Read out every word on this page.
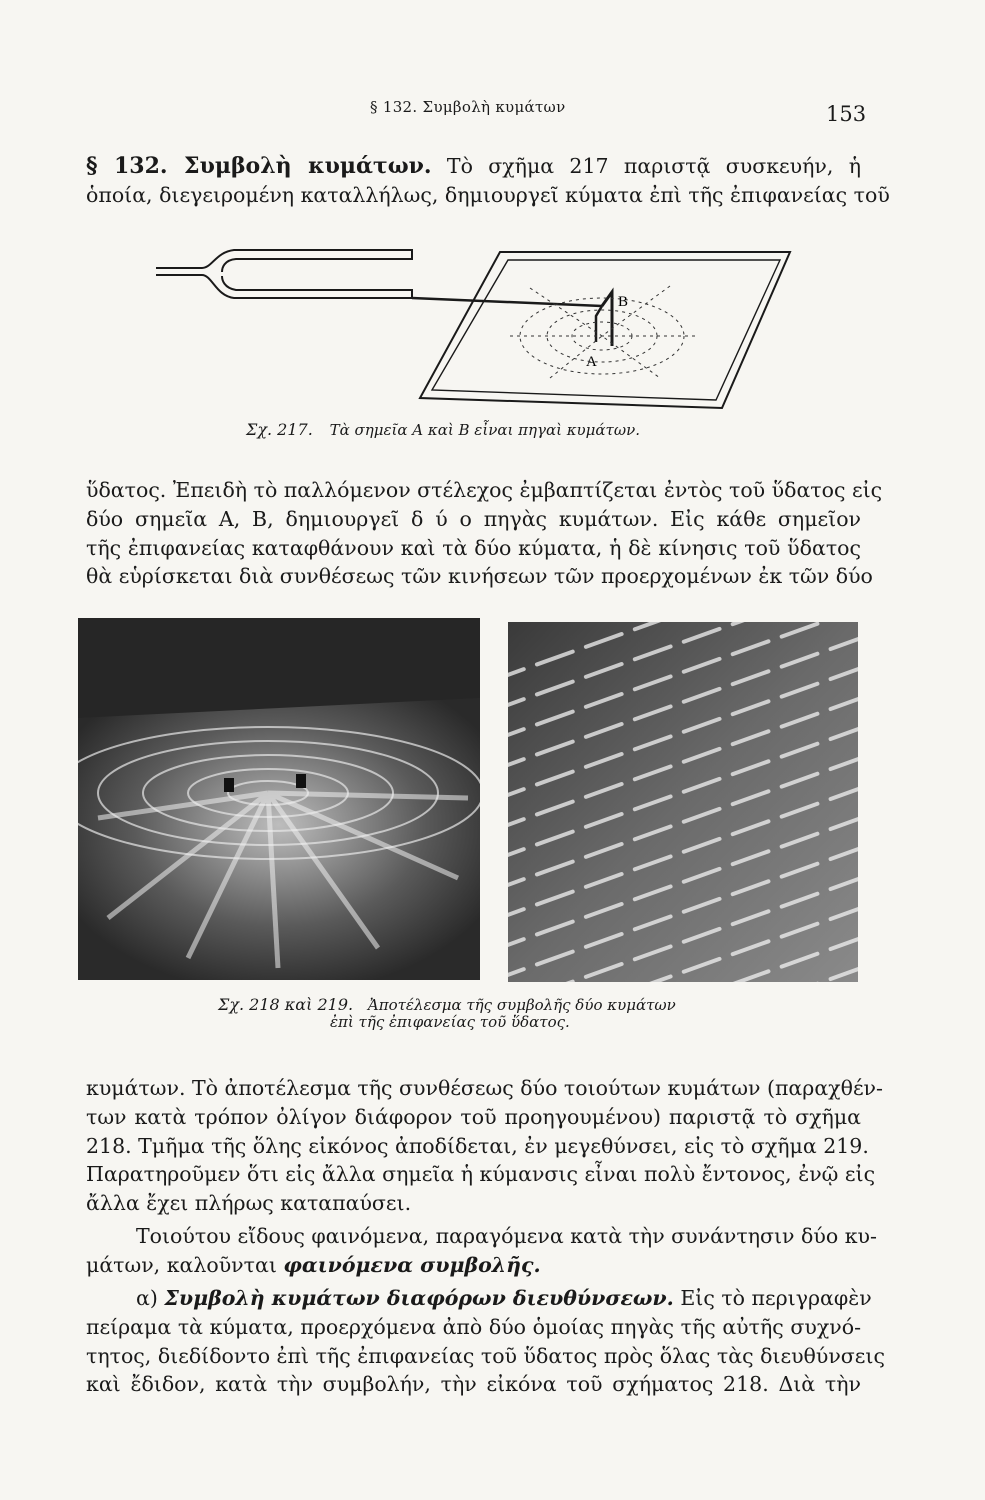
§ 132. Συμβολὴ κυμάτων	153
§ 132. Συμβολὴ κυμάτων. Τὸ σχῆμα 217 παριστᾷ συσκευήν, ἡ
ὁποία, διεγειρομένη καταλλήλως, δημιουργεῖ κύματα ἐπὶ τῆς ἐπιφανείας τοῦ
B
A
Σχ. 217. Τὰ σημεῖα A καὶ B εἶναι πηγαὶ κυμάτων.
ὕδατος. Ἐπειδὴ τὸ παλλόμενον στέλεχος ἐμβαπτίζεται ἐντὸς τοῦ ὕδατος εἰς
δύο σημεῖα A, B, δημιουργεῖ δ ύ ο πηγὰς κυμάτων. Εἰς κάθε σημεῖον
τῆς ἐπιφανείας καταφθάνουν καὶ τὰ δύο κύματα, ἡ δὲ κίνησις τοῦ ὕδατος
θὰ εὑρίσκεται διὰ συνθέσεως τῶν κινήσεων τῶν προερχομένων ἐκ τῶν δύο
Σχ. 218 καὶ 219. Ἀποτέλεσμα τῆς συμβολῆς δύο κυμάτων
ἐπὶ τῆς ἐπιφανείας τοῦ ὕδατος.
κυμάτων. Τὸ ἀποτέλεσμα τῆς συνθέσεως δύο τοιούτων κυμάτων (παραχθέν-
των κατὰ τρόπον ὀλίγον διάφορον τοῦ προηγουμένου) παριστᾷ τὸ σχῆμα
218. Τμῆμα τῆς ὅλης εἰκόνος ἀποδίδεται, ἐν μεγεθύνσει, εἰς τὸ σχῆμα 219.
Παρατηροῦμεν ὅτι εἰς ἄλλα σημεῖα ἡ κύμανσις εἶναι πολὺ ἔντονος, ἐνῷ εἰς
ἄλλα ἔχει πλήρως καταπαύσει.
Τοιούτου εἴδους φαινόμενα, παραγόμενα κατὰ τὴν συνάντησιν δύο κυ-
μάτων, καλοῦνται φαινόμενα συμβολῆς.
α) Συμβολὴ κυμάτων διαφόρων διευθύνσεων. Εἰς τὸ περιγραφὲν
πείραμα τὰ κύματα, προερχόμενα ἀπὸ δύο ὁμοίας πηγὰς τῆς αὐτῆς συχνό-
τητος, διεδίδοντο ἐπὶ τῆς ἐπιφανείας τοῦ ὕδατος πρὸς ὅλας τὰς διευθύνσεις
καὶ ἔδιδον, κατὰ τὴν συμβολήν, τὴν εἰκόνα τοῦ σχήματος 218. Διὰ τὴν
